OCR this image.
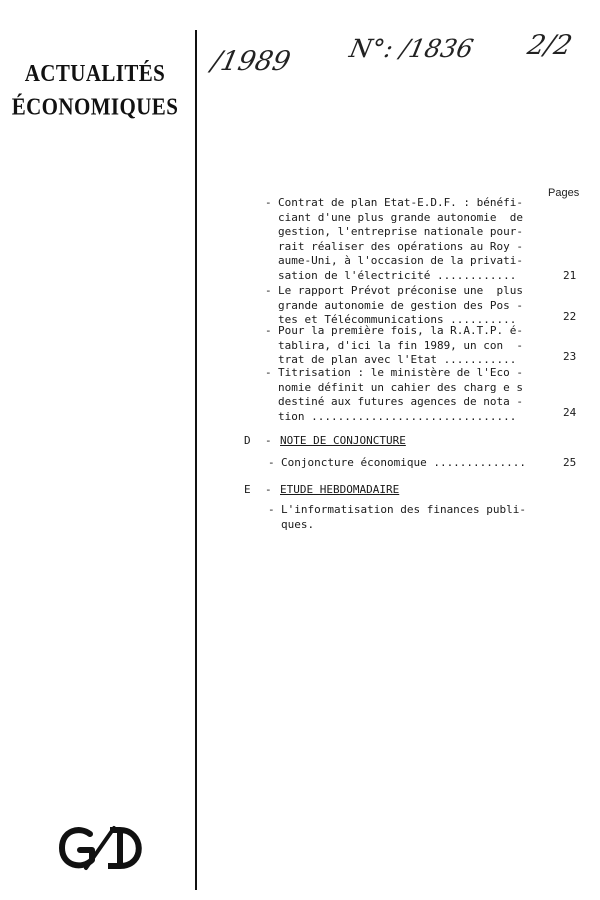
ACTUALITÉS
ÉCONOMIQUES
/1989 N°: /1836 2/2
Pages
- Contrat de plan Etat-E.D.F. : bénéfi-
ciant d'une plus grande autonomie  de
gestion, l'entreprise nationale pour-
rait réaliser des opérations au Roy -
aume-Uni, à l'occasion de la privati-
sation de l'électricité ............	21
- Le rapport Prévot préconise une  plus
grande autonomie de gestion des Pos -
tes et Télécommunications ..........	22
- Pour la première fois, la R.A.T.P. é-
tablira, d'ici la fin 1989, un con  -
trat de plan avec l'Etat ...........	23
- Titrisation : le ministère de l'Eco -
nomie définit un cahier des charg e s
destiné aux futures agences de nota -
tion ...............................	24
D - NOTE DE CONJONCTURE
- Conjoncture économique ..............	25
E - ETUDE HEBDOMADAIRE
- L'informatisation des finances publi-
ques.
